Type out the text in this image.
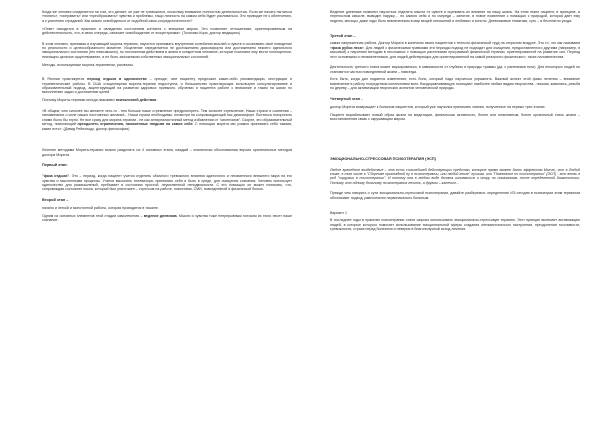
Когда же человек соединяется на том, что делает, он уже не тревожится, поскольку внимание полностью деятельностью. Если же начать пытаться «понять», «исправить» или «преобразовать» чувства и проблемы, тащи личность на самом себя будет усиливаться. Это приводит не к облегчению, а к усилению страданий. Как можно освободиться от подобной само-сосредоточенности?

«Ответ находится в практике и овладении состоянием контакта с внешним миром. Это позволяет отношениям, ориентированным на действительность, что, в свою очередь, означает освобождение от эгоцентризма». (Тосихико Кора, доктор медицины)

В этом человек, принимая и изучающий морита-терапию, научится принимать внутренние колебания мыслей и чувств и осознавать своё поведение по реальности и целесообразности моменте. Исцеление определяется не достижением дискомфорта или достижением некоего идеального эмоционального состояния (это невозможно), но постоянным действием в жизни в конкретном человеке, которые помогают ему вести полноценное, неизящно-цельное существование, и не быть заложником собственных эмоциональных состояний.

Методы, используемые морита-терапевтом, различны.

В Японии практикуется период отдыха в одиночестве – прежде, чем пациенту предложат какие-либо рекомендации, инструкции и терапевтические работы. В США стационарная морита-терапия недоступна, и большинство практикующих используют консультирование и образовательный подход, акцентирующий на развитии здоровых привычек, обучении и пациента работе с внимание и таким на шагах по выполнению задач и достижению целей.

Поэтому Морита-терапию иногда называют психологией действия

«В общем, чем сильнее вы желаете чего-то - тем больше наше стремление предусмотреть. Тем сильнее стремление. Наши страхи и сомнения – напоминание о силе наших постоянных желаний... Наши страхи необходимы, несмотря на сопровождающий нас дискомфорт. Пытаться похоронить сними было бы глупо. Не все сразу для морита-терапии - не как антиреалистичный метод избавления от "симптомов". Скорее, это образовательный метод, помогающий преодолеть ограничения, наложенные людьми на самих себя. С помощью морита мы учимся принимать себя такими, какие есть». (Дэвид Рейнольдс, доктор философии)

Лечение методами Морита-терапии можно разделить на 4 основных этапа, каждый – клинически обоснованная версия оригинальных методов доктора Морита.

Первый этап:

"фаза отдыха". Это – период, когда пациент учится отделять обычного тревожного влияния одиночного и неизменного внешнего мира на его чувства и мысленными процессы. Учится высыпать телевизора, принимать себя и быть в среде, для очищения сознания. Человек использует одиночество для размышлений, пребывает в состоянии простой, неумственной неподвижности. С его помощью он может понимать, что, сопровождая состояние покоя, который был уничтожен – стрессом на работе, новостями, СМИ, повседневной и физической болью.

Второй этап –

начало и легкой и монотонной работы, которая проводится в тишине.

Одним из основных элементов этой стадии самолечения – ведение дневника. Мысли и чувства тоже непрерывным потоком из этого несет наше сознание.

Ведение дневника позволит научиться отделить мысли от чувств и оценивать их влияние на нашу жизнь. На этом этапе пациент, в принципе, в переносном смысле, выводит наружу… но самого себя и по очереди – занятие, в новое появление с помощью с природой, которая дает ему неделю, месяцы, даже годы быть вовлеченным в мир вещей отношений и любимых и консты. Дневниковые тематики, суть – в бесплатно ухода.

Третий этап –

самая напряженная работа. Доктор Морита в конечном своих пациентов к телесно-физической труд на открытом воздухе. Это то, что мы называем «фаза рубки леса». Для людей с физическими травмами эти периоды подход не подходит для очищения, предоставленного другими (например, в кассовой) к научению методам в несложных с помощью растениями программой физической терапии, ориентированной на развитие сил. Период этот основными и неизмененными, для людей действующих для ориентированной на самой реального физического, таких паломничества.

Деятельность третьего этапа может варьироваться, в зависимости от глубины и природы травмы (да, с ранениями ноги). Для некоторых людей он становится частью повседневной жизни – навсегда.

Есть быть, когда дал подается изменению; есть боль, который надо научиться упражнять. Важный аспект этой фазы лечения – внимание вовлечение в работу посредством коллективом всех. Выздоравливающую посещают наиболее любые видим творчества - письма, живопись, резьба по дереву – для активизации творческих аспектов человеческой природы.

Четвертый этап -

доктор Морита возвращает к больным пациентов, который уже научился принимать знания, полученные на первых трех этапах.

Пациент вырабатывает новый образ жизни на медитации, физическая активность, более или неактивным, более органичный стиль жизни – восстановления связь с окружающим миром.

ЭМОЦИОНАЛЬНО-СТРЕССОВАЯ ПСИХОТЕРАПИЯ (ЭСП)

Любое врачебное воздействие – это есть сильнейшей действующих средство, которое прямо может быть эффектом Мысль, что в Любой книге, в том числе в "Сборнике прикладной ну в психотерапии, или любой книге" лучшая, или "Пожелание по психотерапии" (ЭСП) - это вновь в род "хирургии в психотерапии". И потому она в любом виде должна изливаться и опору по показаниям, после определенной диагностики. Потому что одному больному психотерапия лечить, а другим – калечит…

Прежде чем говорить о сути эмоционально-стрессовой психотерапии, давайте разберемся: определение ИЭ сегодня в психиатрии этим термином обозначают подход, равнозначно первоначально больным.

Вариант 1

В последнее годы в практике психотерапии стали широко использовать эмоционально-стрессовую терапию. Этот принцип включает активизацию людей, в которые которого помогает использование эмоциональной сферы создания оптимистического настроения, преодоления тоскливости, тревожности, страха перед болезнью и неверия в благополучный исход лечения.
